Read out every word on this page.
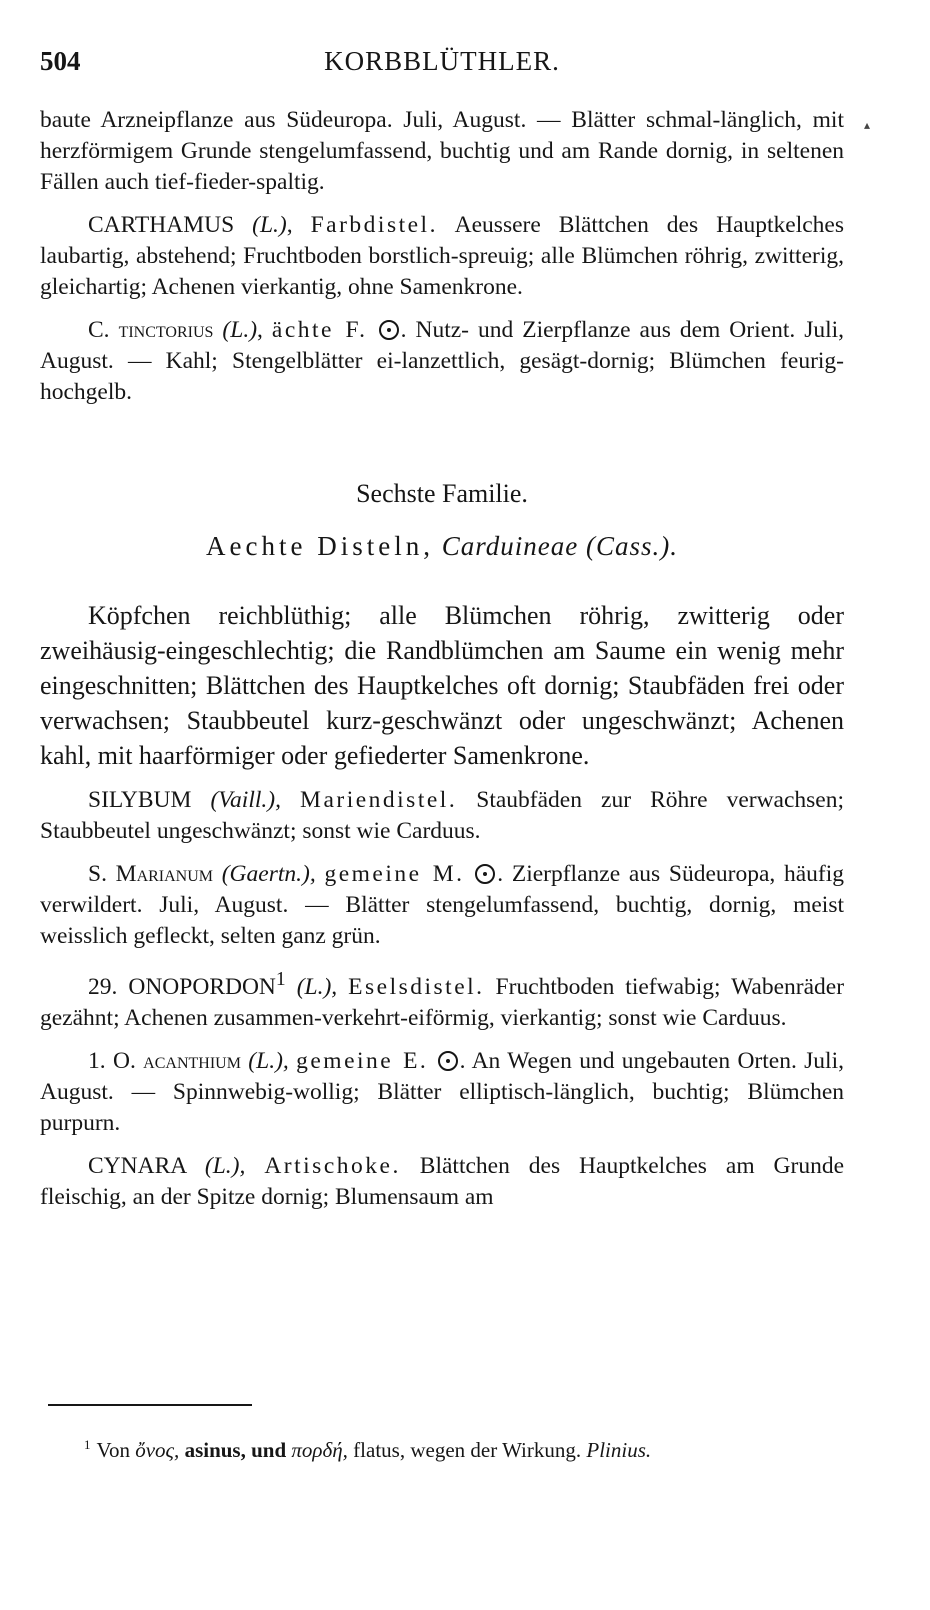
504	KORBBLÜTHLER.
▴

baute Arzneipflanze aus Südeuropa. Juli, August. — Blätter schmal-länglich, mit herzförmigem Grunde stengelumfassend, buchtig und am Rande dornig, in seltenen Fällen auch tief-fieder-spaltig.

CARTHAMUS (L.), Farbdistel. Aeussere Blättchen des Hauptkelches laubartig, abstehend; Fruchtboden borstlich-spreuig; alle Blümchen röhrig, zwitterig, gleichartig; Achenen vierkantig, ohne Samenkrone.

C. tinctorius (L.), ächte F. . Nutz- und Zierpflanze aus dem Orient. Juli, August. — Kahl; Stengelblätter ei-lanzettlich, gesägt-dornig; Blümchen feurig-hochgelb.

Sechste Familie.

Aechte Disteln, Carduineae (Cass.).

Köpfchen reichblüthig; alle Blümchen röhrig, zwitterig oder zweihäusig-eingeschlechtig; die Randblümchen am Saume ein wenig mehr eingeschnitten; Blättchen des Hauptkelches oft dornig; Staubfäden frei oder verwachsen; Staubbeutel kurz-geschwänzt oder ungeschwänzt; Achenen kahl, mit haarförmiger oder gefiederter Samenkrone.

SILYBUM (Vaill.), Mariendistel. Staubfäden zur Röhre verwachsen; Staubbeutel ungeschwänzt; sonst wie Carduus.

S. Marianum (Gaertn.), gemeine M. . Zierpflanze aus Südeuropa, häufig verwildert. Juli, August. — Blätter stengelumfassend, buchtig, dornig, meist weisslich gefleckt, selten ganz grün.

29. ONOPORDON$^1$ (L.), Eselsdistel. Fruchtboden tiefwabig; Wabenräder gezähnt; Achenen zusammen-verkehrt-eiförmig, vierkantig; sonst wie Carduus.

1. O. acanthium (L.), gemeine E. . An Wegen und ungebauten Orten. Juli, August. — Spinnwebig-wollig; Blätter elliptisch-länglich, buchtig; Blümchen purpurn.

CYNARA (L.), Artischoke. Blättchen des Hauptkelches am Grunde fleischig, an der Spitze dornig; Blumensaum am

$^1$ Von ὄνος, asinus, und πορδή, flatus, wegen der Wirkung. Plinius.
